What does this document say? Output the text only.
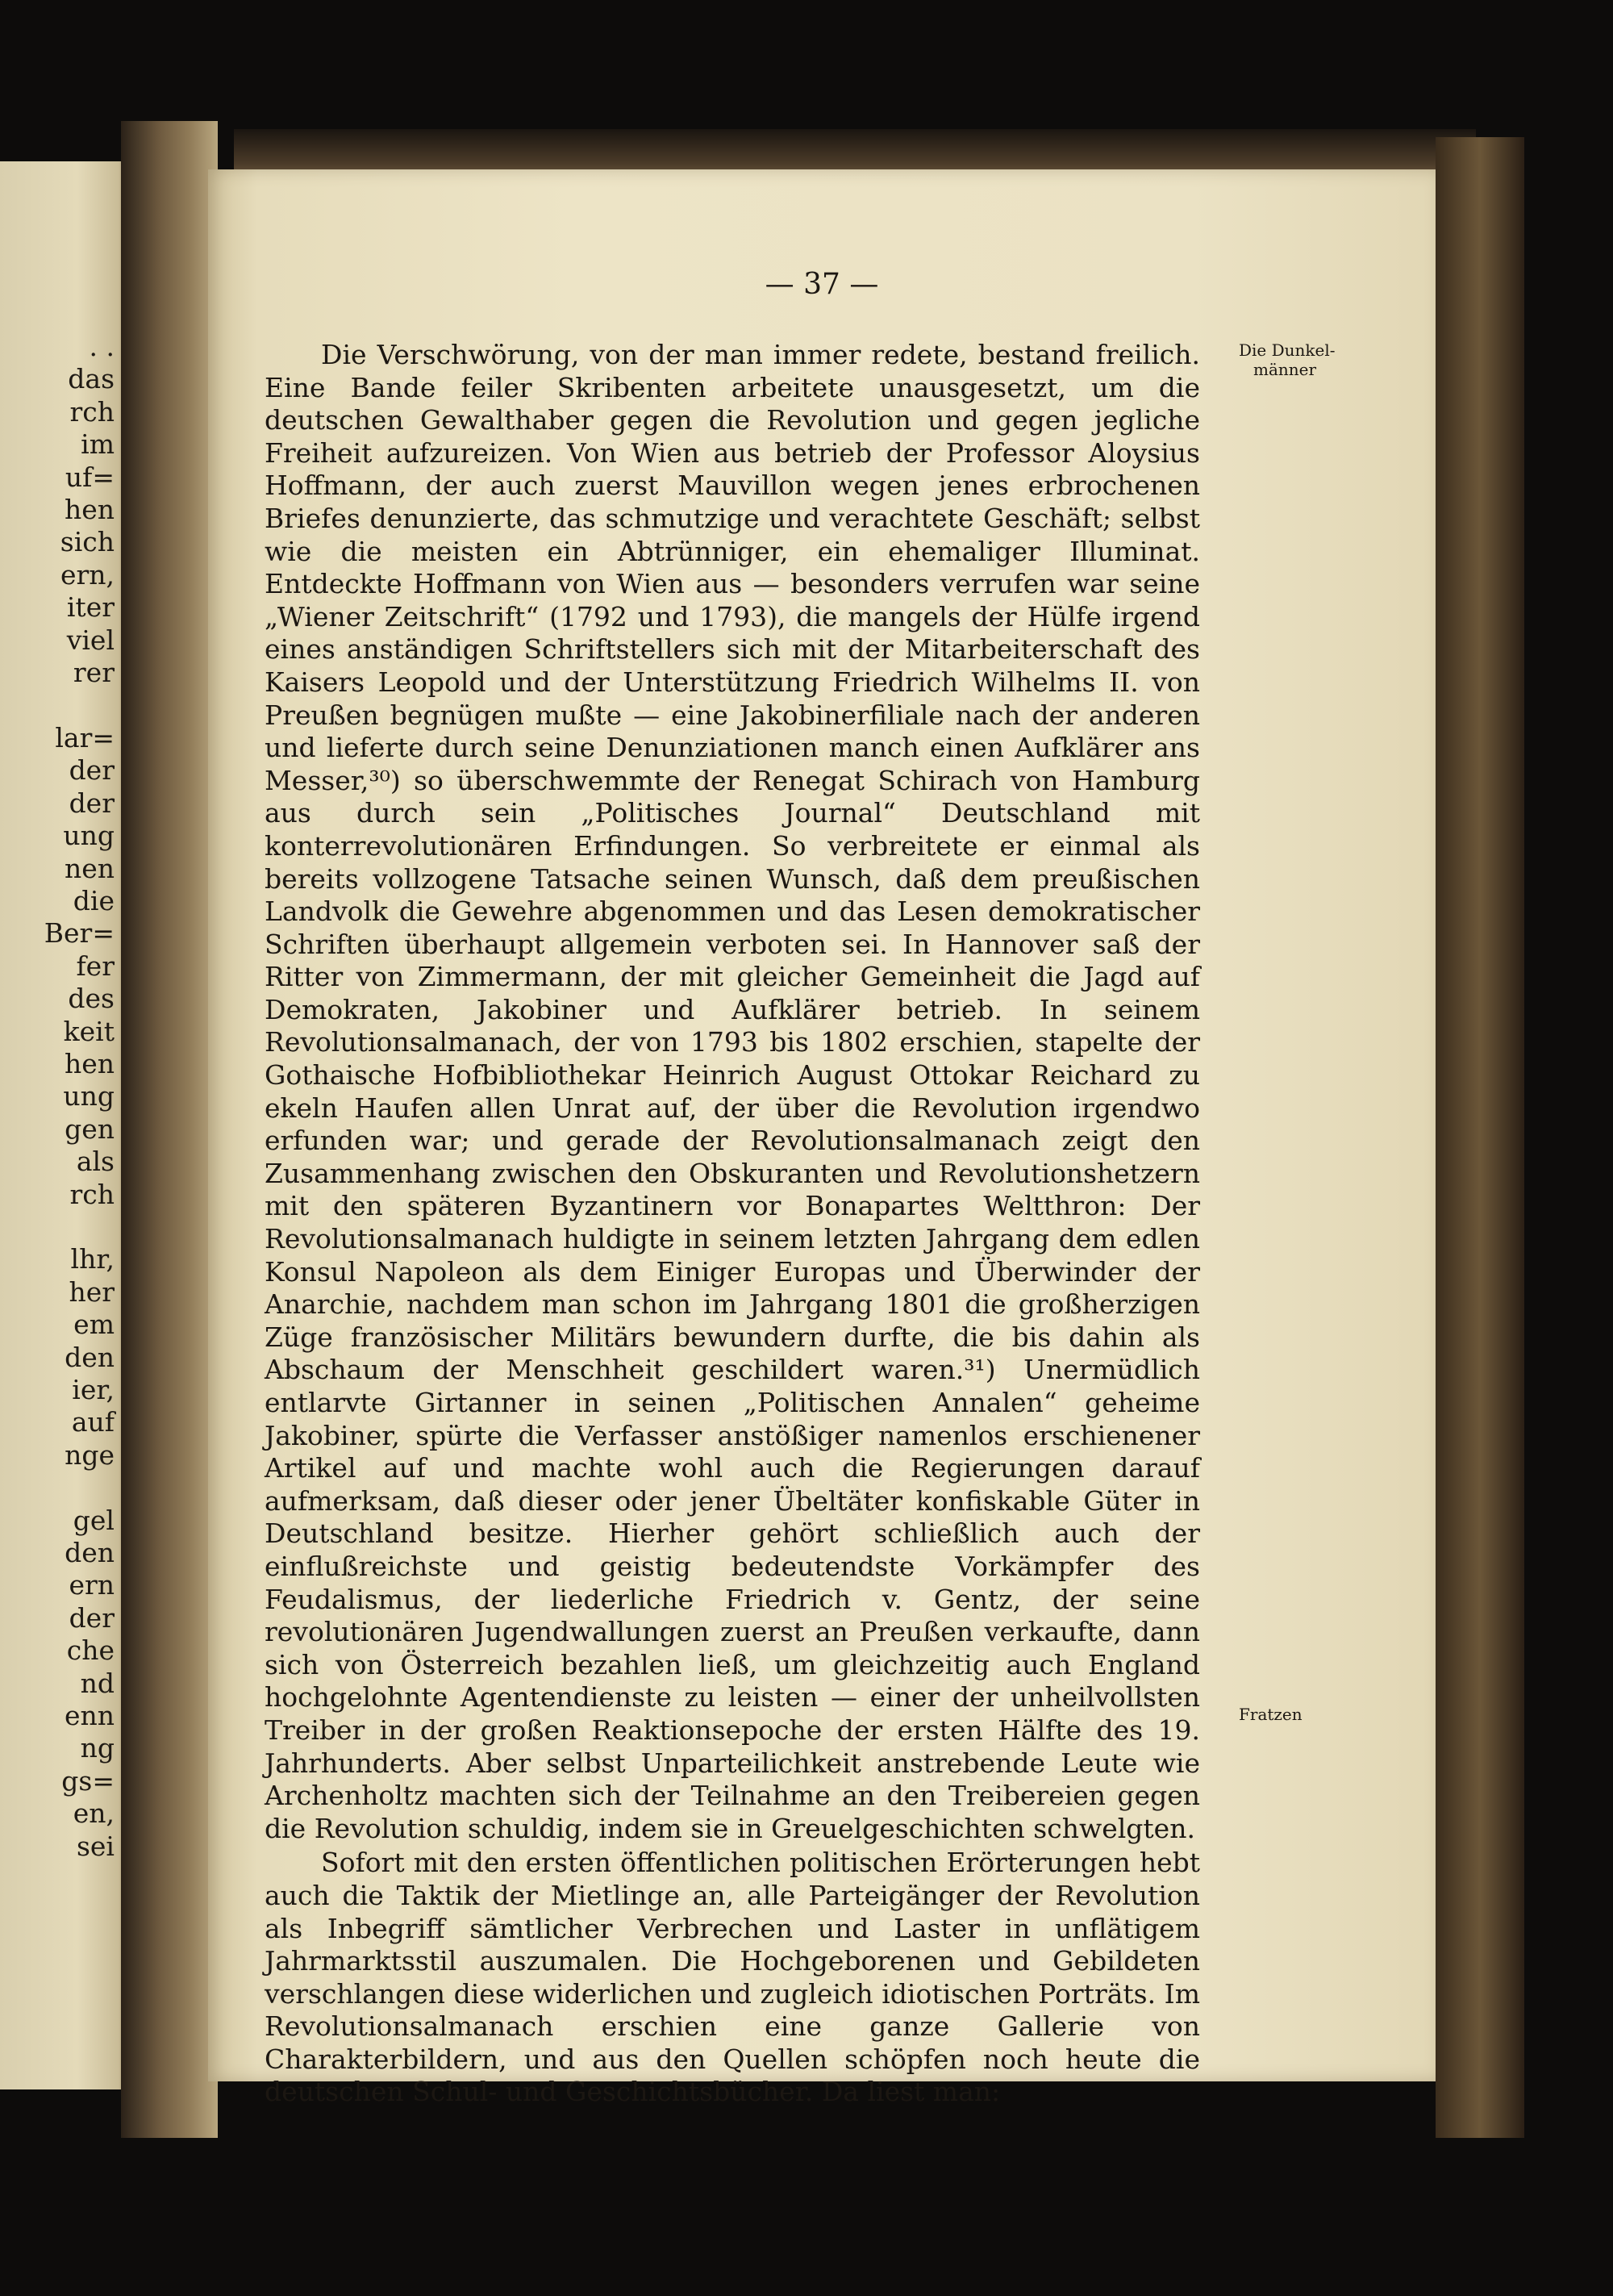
. .
das
rch
im
uf=
hen
sich
ern,
iter
viel
rer

lar=
der
der
ung
nen
die
Ber=
fer
des
keit
hen
ung
gen
als
rch

lhr,
her
em
den
ier,
auf
nge

gel
den
ern
der
che
nd
enn
ng
gs=
en,
sei
— 37 —

Die Verschwörung, von der man immer redete, bestand freilich. Eine Bande feiler Skribenten arbeitete unausgesetzt, um die deutschen Gewalthaber gegen die Revolution und gegen jegliche Freiheit aufzureizen. Von Wien aus betrieb der Professor Aloysius Hoffmann, der auch zuerst Mauvillon wegen jenes erbrochenen Briefes denunzierte, das schmutzige und verachtete Geschäft; selbst wie die meisten ein Abtrünniger, ein ehemaliger Illuminat. Entdeckte Hoffmann von Wien aus — besonders verrufen war seine „Wiener Zeitschrift“ (1792 und 1793), die mangels der Hülfe irgend eines anständigen Schriftstellers sich mit der Mitarbeiterschaft des Kaisers Leopold und der Unterstützung Friedrich Wilhelms II. von Preußen begnügen mußte — eine Jakobinerfiliale nach der anderen und lieferte durch seine Denunziationen manch einen Aufklärer ans Messer,³⁰) so überschwemmte der Renegat Schirach von Hamburg aus durch sein „Politisches Journal“ Deutschland mit konterrevolutionären Erfindungen. So verbreitete er einmal als bereits vollzogene Tatsache seinen Wunsch, daß dem preußischen Landvolk die Gewehre abgenommen und das Lesen demokratischer Schriften überhaupt allgemein verboten sei. In Hannover saß der Ritter von Zimmermann, der mit gleicher Gemeinheit die Jagd auf Demokraten, Jakobiner und Aufklärer betrieb. In seinem Revolutionsalmanach, der von 1793 bis 1802 erschien, stapelte der Gothaische Hofbibliothekar Heinrich August Ottokar Reichard zu ekeln Haufen allen Unrat auf, der über die Revolution irgendwo erfunden war; und gerade der Revolutionsalmanach zeigt den Zusammenhang zwischen den Obskuranten und Revolutionshetzern mit den späteren Byzantinern vor Bonapartes Weltthron: Der Revolutionsalmanach huldigte in seinem letzten Jahrgang dem edlen Konsul Napoleon als dem Einiger Europas und Überwinder der Anarchie, nachdem man schon im Jahrgang 1801 die großherzigen Züge französischer Militärs bewundern durfte, die bis dahin als Abschaum der Menschheit geschildert waren.³¹) Unermüdlich entlarvte Girtanner in seinen „Politischen Annalen“ geheime Jakobiner, spürte die Verfasser anstößiger namenlos erschienener Artikel auf und machte wohl auch die Regierungen darauf aufmerksam, daß dieser oder jener Übeltäter konfiskable Güter in Deutschland besitze. Hierher gehört schließlich auch der einflußreichste und geistig bedeutendste Vorkämpfer des Feudalismus, der liederliche Friedrich v. Gentz, der seine revolutionären Jugendwallungen zuerst an Preußen verkaufte, dann sich von Österreich bezahlen ließ, um gleichzeitig auch England hochgelohnte Agentendienste zu leisten — einer der unheilvollsten Treiber in der großen Reaktionsepoche der ersten Hälfte des 19. Jahrhunderts. Aber selbst Unparteilichkeit anstrebende Leute wie Archenholtz machten sich der Teilnahme an den Treibereien gegen die Revolution schuldig, indem sie in Greuelgeschichten schwelgten.

Sofort mit den ersten öffentlichen politischen Erörterungen hebt auch die Taktik der Mietlinge an, alle Parteigänger der Revolution als Inbegriff sämtlicher Verbrechen und Laster in unflätigem Jahrmarktsstil auszumalen. Die Hochgeborenen und Gebildeten verschlangen diese widerlichen und zugleich idiotischen Porträts. Im Revolutionsalmanach erschien eine ganze Gallerie von Charakterbildern, und aus den Quellen schöpfen noch heute die deutschen Schul- und Geschichtsbücher. Da liest man:

Die Dunkel-
männer
Fratzen
